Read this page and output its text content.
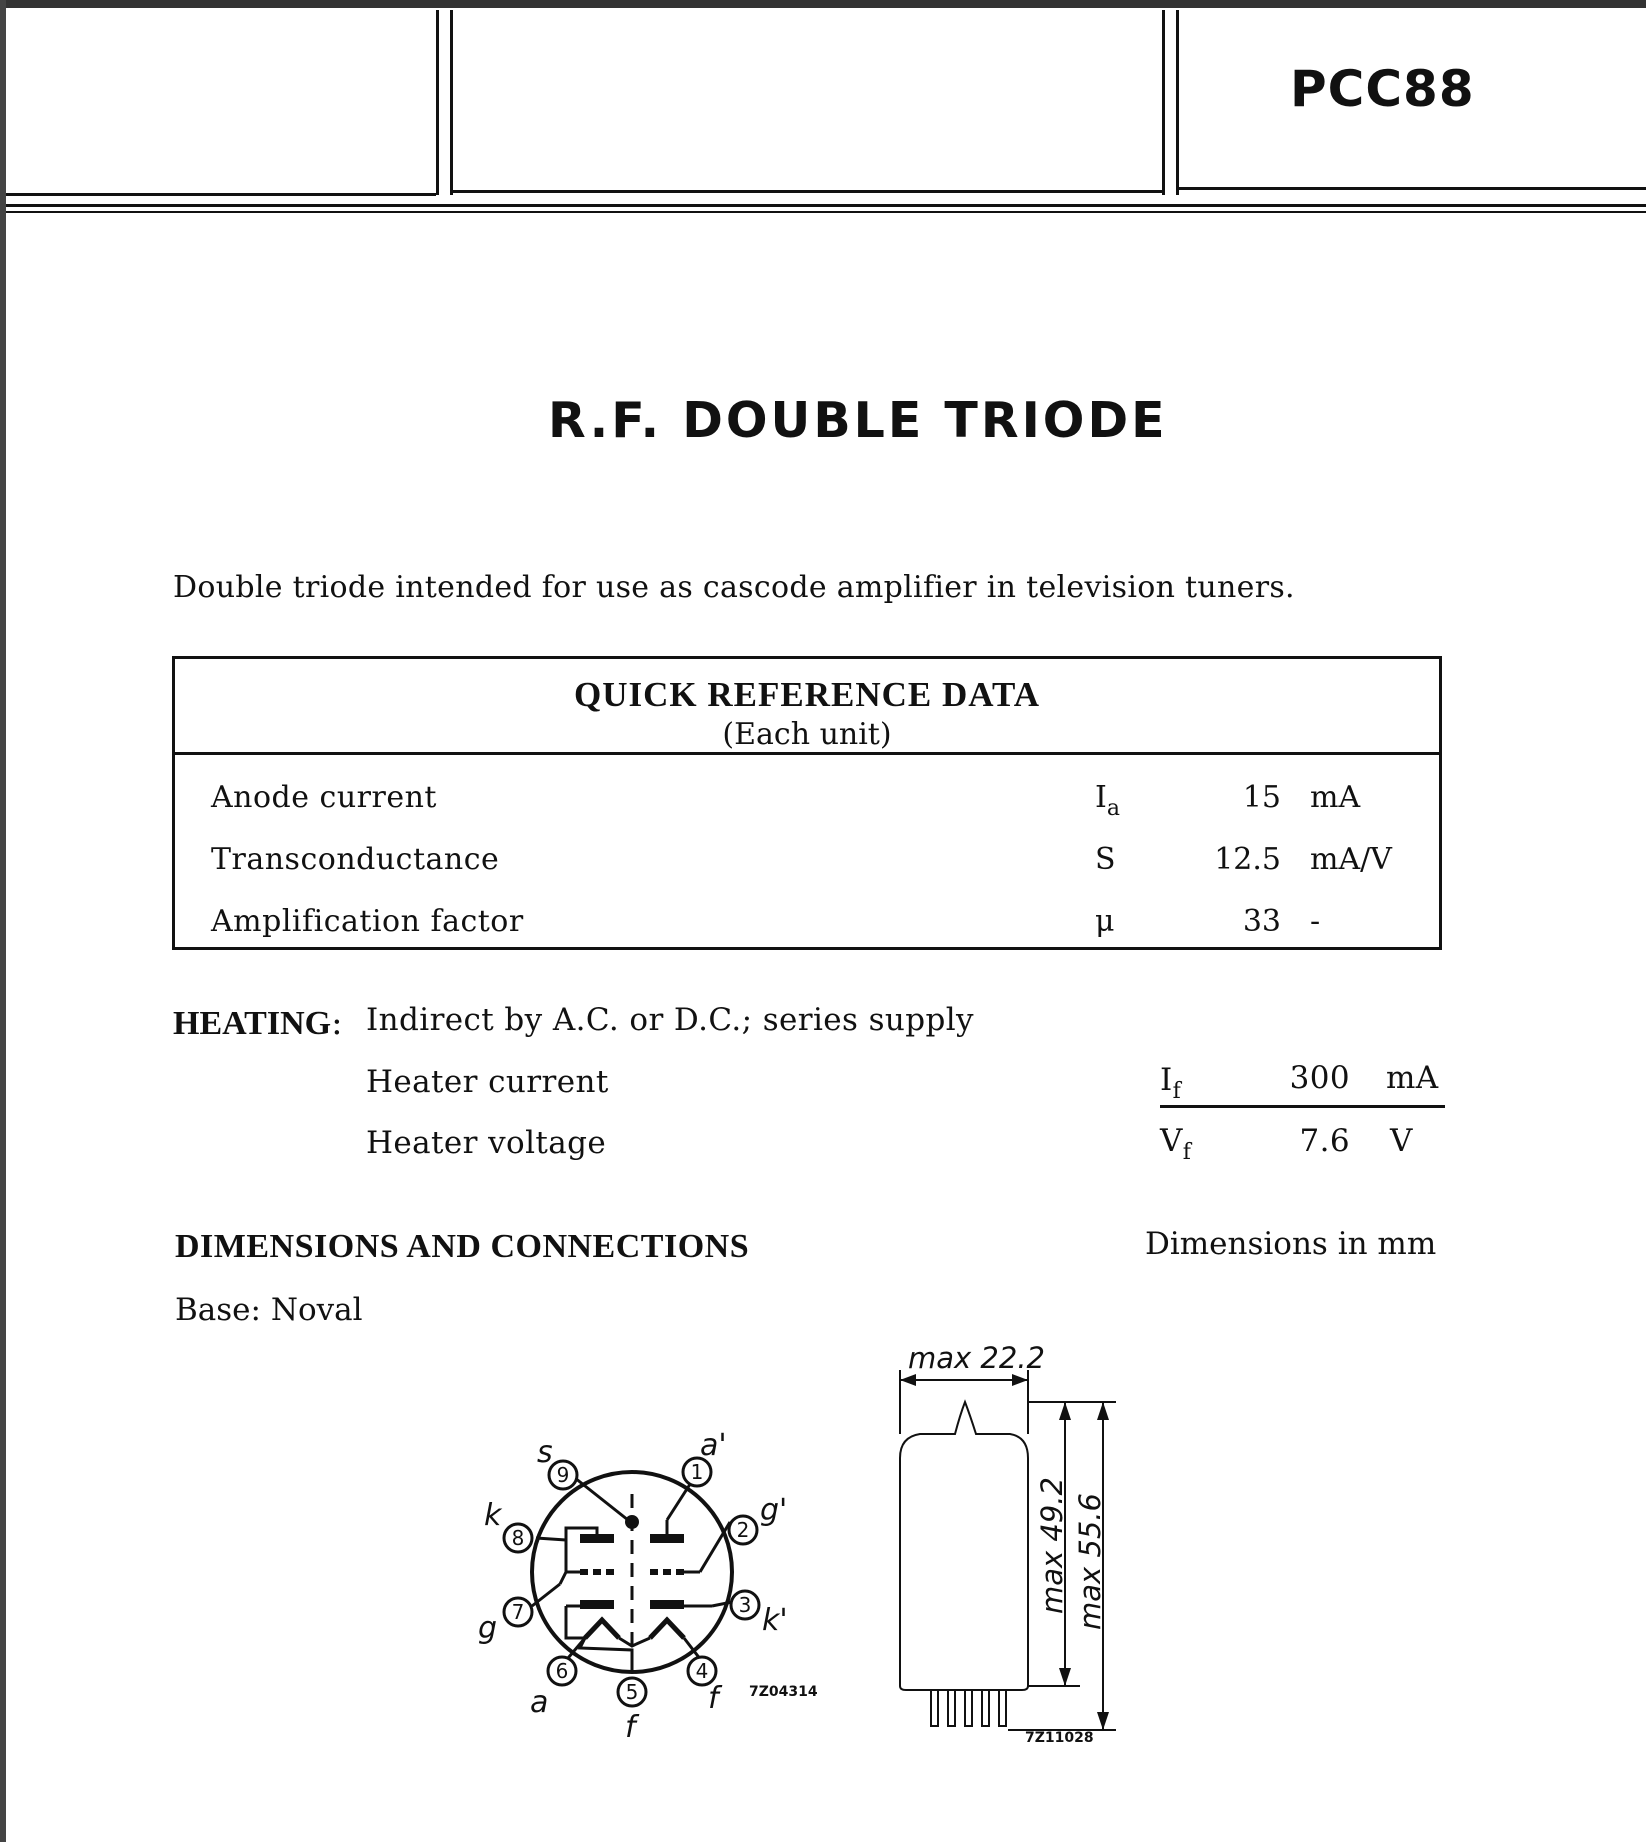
PCC88
R.F. DOUBLE TRIODE
Double triode intended for use as cascode amplifier in television tuners.
QUICK REFERENCE DATA
(Each unit)
Anode current	$I_a$	15 mA
Transconductance	S	12.5 mA/V
Amplification factor	μ	33 -
HEATING: Indirect by A.C. or D.C.; series supply
Heater current	$I_f$	300 mA
Heater voltage	$V_f$	7.6 V
DIMENSIONS AND CONNECTIONS	Dimensions in mm
Base: Noval
1
2
3
4
5
6
7
8
9
a'
g'
k'
f
f
a
g
k
s
7Z04314
max 22.2
max 49.2 max 55.6
7Z11028
